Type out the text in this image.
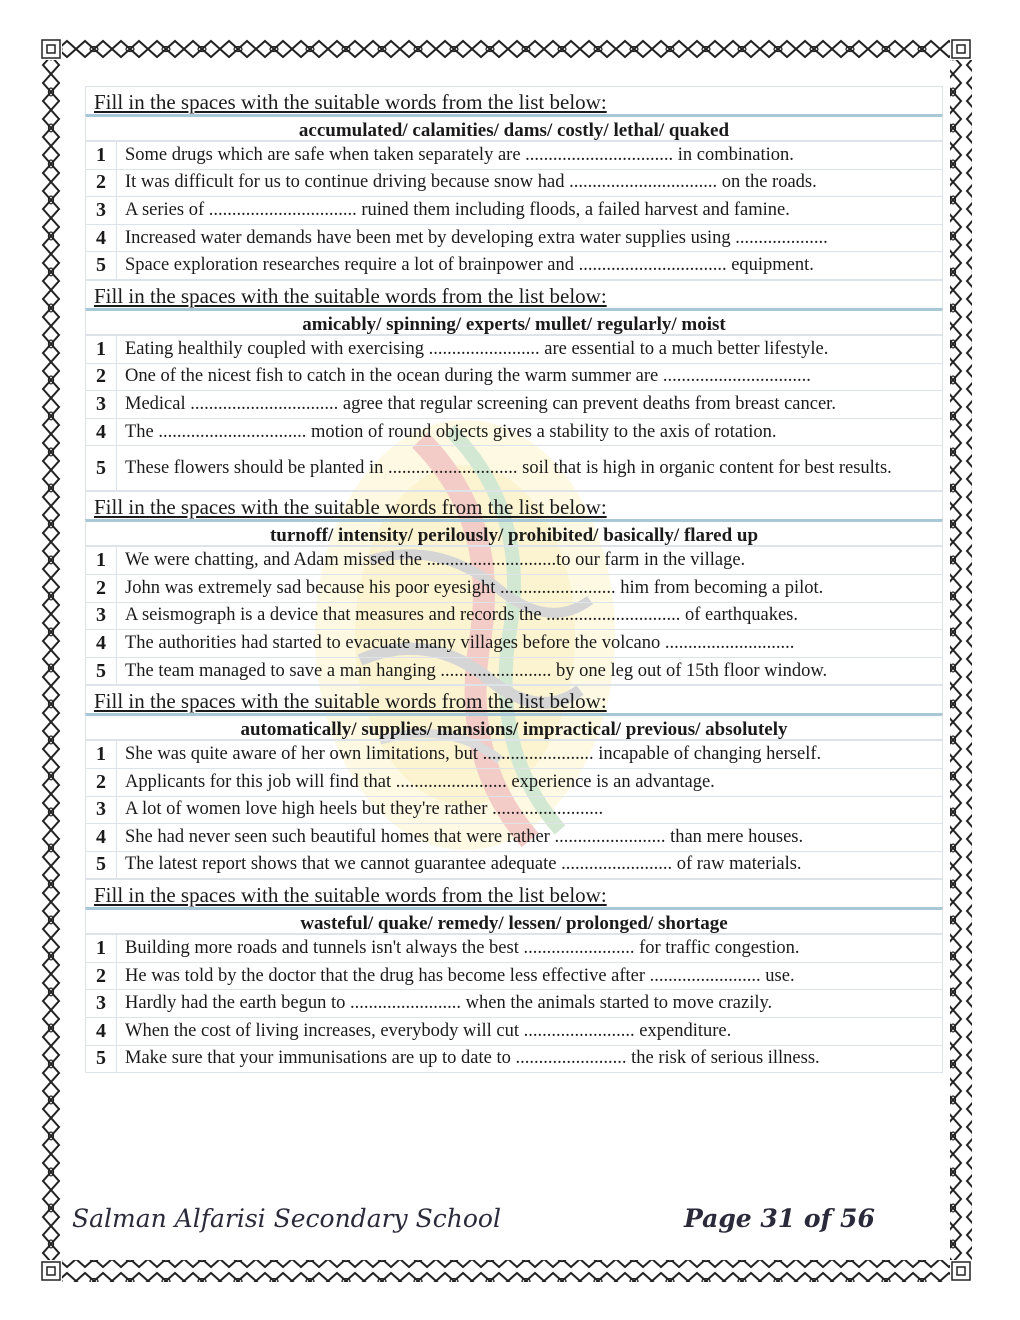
Fill in the spaces with the suitable words from the list below:
accumulated/ calamities/ dams/ costly/ lethal/ quaked
1	Some drugs which are safe when taken separately are ................................ in combination.
2	It was difficult for us to continue driving because snow had ................................ on the roads.
3	A series of ................................ ruined them including floods, a failed harvest and famine.
4	Increased water demands have been met by developing extra water supplies using ....................
5	Space exploration researches require a lot of brainpower and ................................ equipment.
Fill in the spaces with the suitable words from the list below:
amicably/ spinning/ experts/ mullet/ regularly/ moist
1	Eating healthily coupled with exercising ........................ are essential to a much better lifestyle.
2	One of the nicest fish to catch in the ocean during the warm summer are ................................
3	Medical ................................ agree that regular screening can prevent deaths from breast cancer.
4	The ................................ motion of round objects gives a stability to the axis of rotation.
5	These flowers should be planted in ............................ soil that is high in organic content for best results.
Fill in the spaces with the suitable words from the list below:
turnoff/ intensity/ perilously/ prohibited/ basically/ flared up
1	We were chatting, and Adam missed the ............................to our farm in the village.
2	John was extremely sad because his poor eyesight ......................... him from becoming a pilot.
3	A seismograph is a device that measures and records the ............................. of earthquakes.
4	The authorities had started to evacuate many villages before the volcano ............................
5	The team managed to save a man hanging ........................ by one leg out of 15th floor window.
Fill in the spaces with the suitable words from the list below:
automatically/ supplies/ mansions/ impractical/ previous/ absolutely
1	She was quite aware of her own limitations, but ........................ incapable of changing herself.
2	Applicants for this job will find that ........................ experience is an advantage.
3	A lot of women love high heels but they're rather ........................
4	She had never seen such beautiful homes that were rather ........................ than mere houses.
5	The latest report shows that we cannot guarantee adequate ........................ of raw materials.
Fill in the spaces with the suitable words from the list below:
wasteful/ quake/ remedy/ lessen/ prolonged/ shortage
1	Building more roads and tunnels isn't always the best ........................ for traffic congestion.
2	He was told by the doctor that the drug has become less effective after ........................ use.
3	Hardly had the earth begun to ........................ when the animals started to move crazily.
4	When the cost of living increases, everybody will cut ........................ expenditure.
5	Make sure that your immunisations are up to date to ........................ the risk of serious illness.
Salman Alfarisi Secondary School	Page 31 of 56
